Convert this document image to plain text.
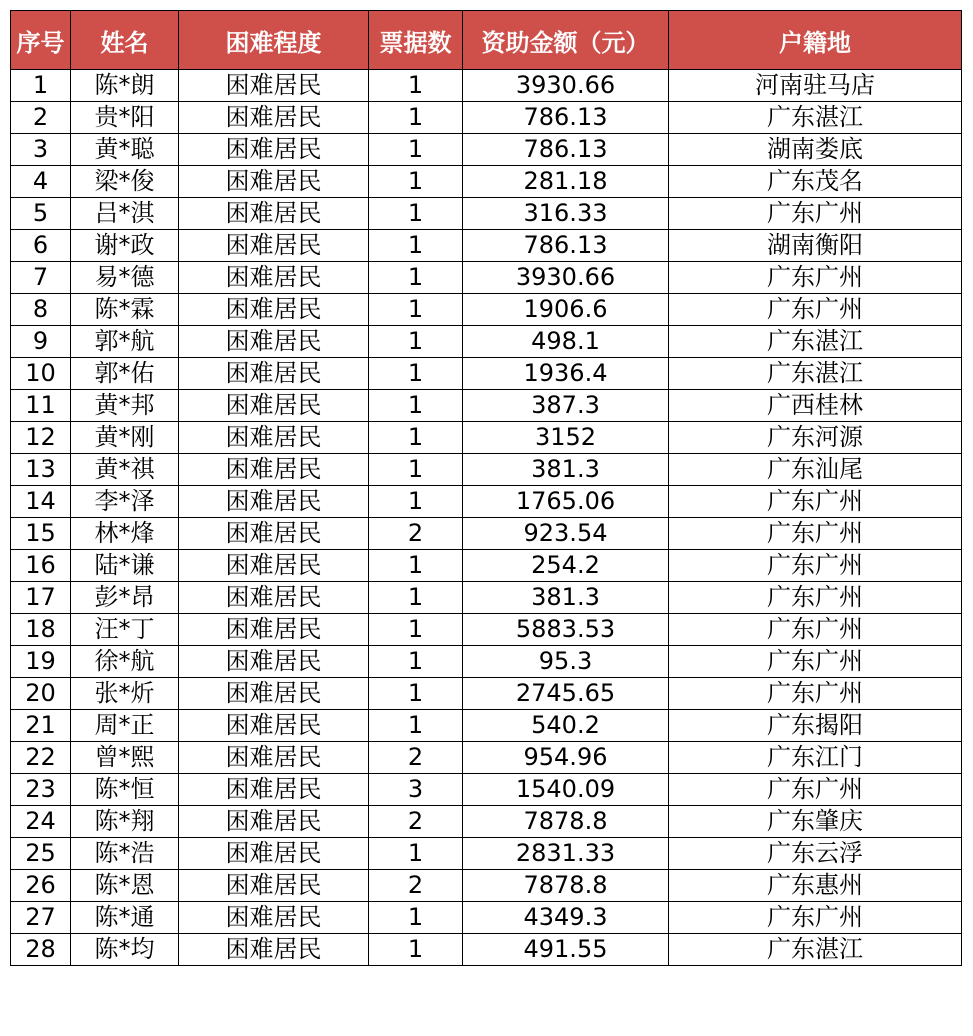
序号	姓名	困难程度	票据数	资助金额（元）	户籍地
1	陈*朗	困难居民	1	3930.66	河南驻马店
2	贵*阳	困难居民	1	786.13	广东湛江
3	黄*聪	困难居民	1	786.13	湖南娄底
4	梁*俊	困难居民	1	281.18	广东茂名
5	吕*淇	困难居民	1	316.33	广东广州
6	谢*政	困难居民	1	786.13	湖南衡阳
7	易*德	困难居民	1	3930.66	广东广州
8	陈*霖	困难居民	1	1906.6	广东广州
9	郭*航	困难居民	1	498.1	广东湛江
10	郭*佑	困难居民	1	1936.4	广东湛江
11	黄*邦	困难居民	1	387.3	广西桂林
12	黄*刚	困难居民	1	3152	广东河源
13	黄*祺	困难居民	1	381.3	广东汕尾
14	李*泽	困难居民	1	1765.06	广东广州
15	林*烽	困难居民	2	923.54	广东广州
16	陆*谦	困难居民	1	254.2	广东广州
17	彭*昂	困难居民	1	381.3	广东广州
18	汪*丁	困难居民	1	5883.53	广东广州
19	徐*航	困难居民	1	95.3	广东广州
20	张*炘	困难居民	1	2745.65	广东广州
21	周*正	困难居民	1	540.2	广东揭阳
22	曾*熙	困难居民	2	954.96	广东江门
23	陈*恒	困难居民	3	1540.09	广东广州
24	陈*翔	困难居民	2	7878.8	广东肇庆
25	陈*浩	困难居民	1	2831.33	广东云浮
26	陈*恩	困难居民	2	7878.8	广东惠州
27	陈*通	困难居民	1	4349.3	广东广州
28	陈*均	困难居民	1	491.55	广东湛江
